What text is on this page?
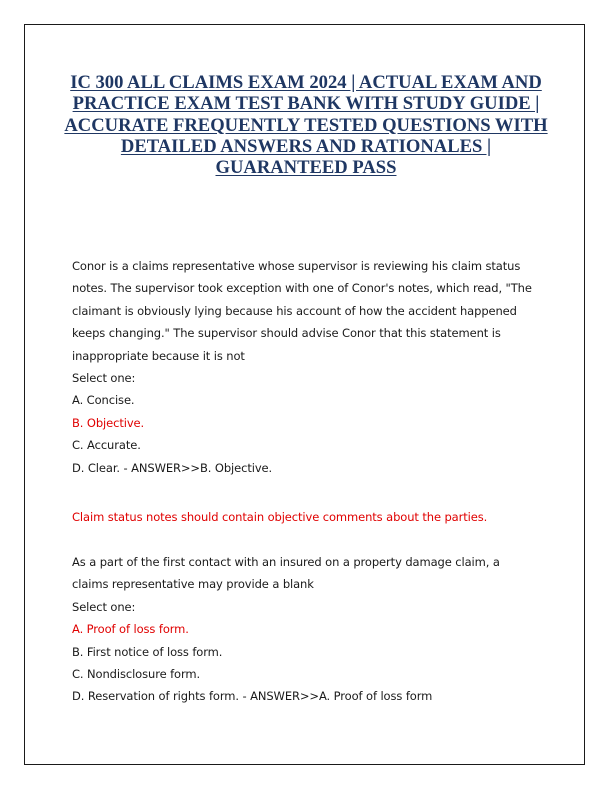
IC 300 ALL CLAIMS EXAM 2024 | ACTUAL EXAM AND PRACTICE EXAM TEST BANK WITH STUDY GUIDE | ACCURATE FREQUENTLY TESTED QUESTIONS WITH DETAILED ANSWERS AND RATIONALES | GUARANTEED PASS
Conor is a claims representative whose supervisor is reviewing his claim status
notes. The supervisor took exception with one of Conor's notes, which read, "The
claimant is obviously lying because his account of how the accident happened
keeps changing." The supervisor should advise Conor that this statement is
inappropriate because it is not
Select one:
A. Concise.
B. Objective.
C. Accurate.
D. Clear. - ANSWER>>B. Objective.
Claim status notes should contain objective comments about the parties.
As a part of the first contact with an insured on a property damage claim, a
claims representative may provide a blank
Select one:
A. Proof of loss form.
B. First notice of loss form.
C. Nondisclosure form.
D. Reservation of rights form. - ANSWER>>A. Proof of loss form
